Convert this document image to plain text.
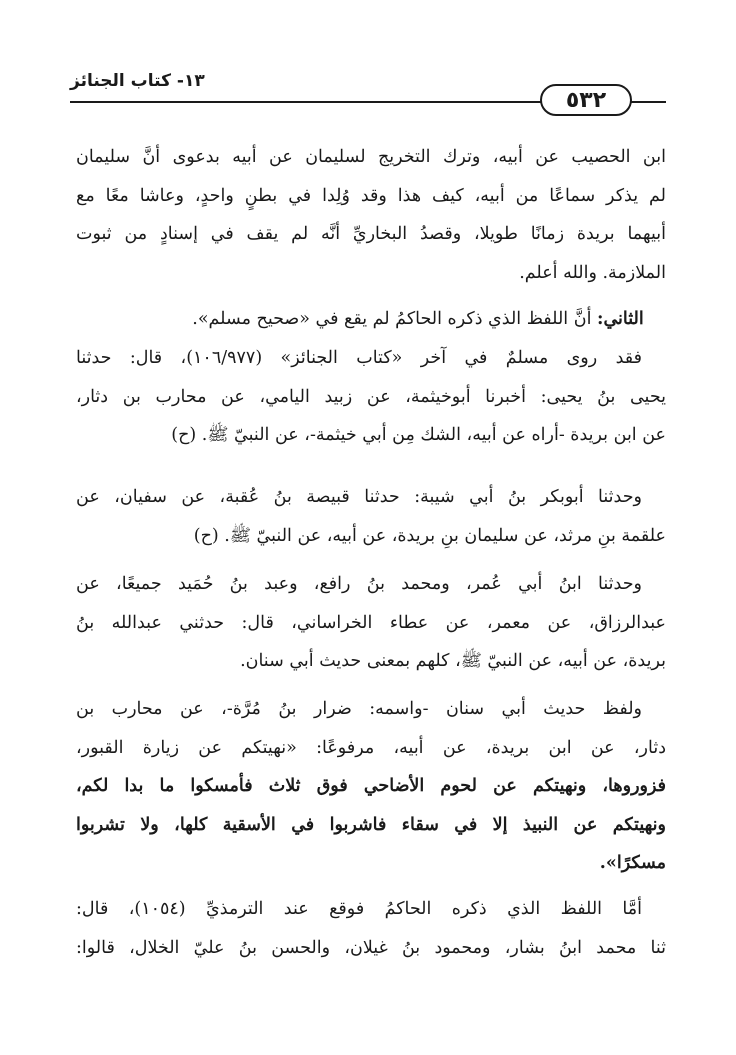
٥٣٢
١٣- كتاب الجنائز
ابن الحصيب عن أبيه، وترك التخريج لسليمان عن أبيه بدعوى أنَّ سليمان
لم يذكر سماعًا من أبيه، كيف هذا وقد وُلِدا في بطنٍ واحدٍ، وعاشا معًا مع
أبيهما بريدة زمانًا طويلا، وقصدُ البخاريِّ أنَّه لم يقف في إسنادٍ من ثبوت
الملازمة. والله أعلم.
الثاني: أنَّ اللفظ الذي ذكره الحاكمُ لم يقع في «صحيح مسلم».
فقد روى مسلمٌ في آخر «كتاب الجنائز» (١٠٦/٩٧٧)، قال: حدثنا
يحيى بنُ يحيى: أخبرنا أبوخيثمة، عن زبيد اليامي، عن محارب بن دثار،
عن ابن بريدة -أراه عن أبيه، الشك مِن أبي خيثمة-، عن النبيّ ﷺ. (ح)
وحدثنا أبوبكر بنُ أبي شيبة: حدثنا قبيصة بنُ عُقبة، عن سفيان، عن
علقمة بنِ مرثد، عن سليمان بنِ بريدة، عن أبيه، عن النبيّ ﷺ. (ح)
وحدثنا ابنُ أبي عُمر، ومحمد بنُ رافع، وعبد بنُ حُمَيد جميعًا، عن
عبدالرزاق، عن معمر، عن عطاء الخراساني، قال: حدثني عبدالله بنُ
بريدة، عن أبيه، عن النبيّ ﷺ، كلهم بمعنى حديث أبي سنان.
ولفظ حديث أبي سنان -واسمه: ضرار بنُ مُرَّة-، عن محارب بن
دثار، عن ابن بريدة، عن أبيه، مرفوعًا: «نهيتكم عن زيارة القبور،
فزوروها، ونهيتكم عن لحوم الأضاحي فوق ثلاث فأمسكوا ما بدا لكم،
ونهيتكم عن النبيذ إلا في سقاء فاشربوا في الأسقية كلها، ولا تشربوا
مسكرًا».
أمَّا اللفظ الذي ذكره الحاكمُ فوقع عند الترمذيِّ (١٠٥٤)، قال:
ثنا محمد ابنُ بشار، ومحمود بنُ غيلان، والحسن بنُ عليّ الخلال، قالوا:
